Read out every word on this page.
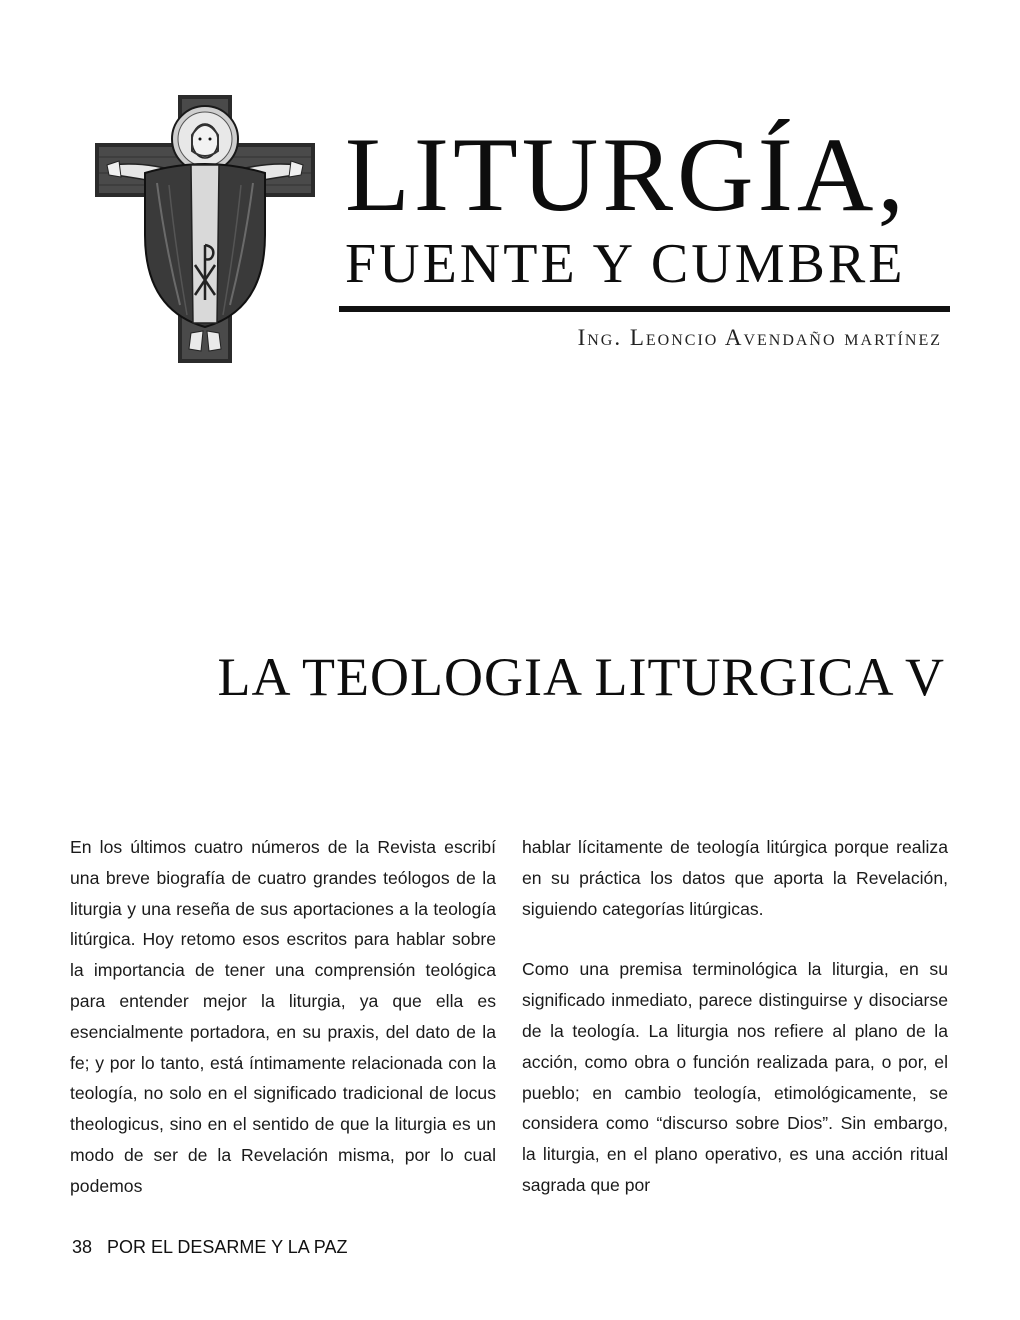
LITURGÍA,
FUENTE Y CUMBRE
Ing. Leoncio Avendaño martínez
LA TEOLOGIA LITURGICA V

En los últimos cuatro números de la Revista escribí una breve biografía de cuatro grandes teólogos de la liturgia y una reseña de sus aportaciones a la teología litúrgica. Hoy retomo esos escritos para hablar sobre la importancia de tener una comprensión teológica para entender mejor la liturgia, ya que ella es esencialmente portadora, en su praxis, del dato de la fe; y por lo tanto, está íntimamente relacionada con la teología, no solo en el significado tradicional de locus theologicus, sino en el sentido de que la liturgia es un modo de ser de la Revelación misma, por lo cual podemos

hablar lícitamente de teología litúrgica porque realiza en su práctica los datos que aporta la Revelación, siguiendo categorías litúrgicas.

Como una premisa terminológica la liturgia, en su significado inmediato, parece distinguirse y disociarse de la teología. La liturgia nos refiere al plano de la acción, como obra o función realizada para, o por, el pueblo; en cambio teología, etimológicamente, se considera como “discurso sobre Dios”. Sin embargo, la liturgia, en el plano operativo, es una acción ritual sagrada que por

38 POR EL DESARME Y LA PAZ
